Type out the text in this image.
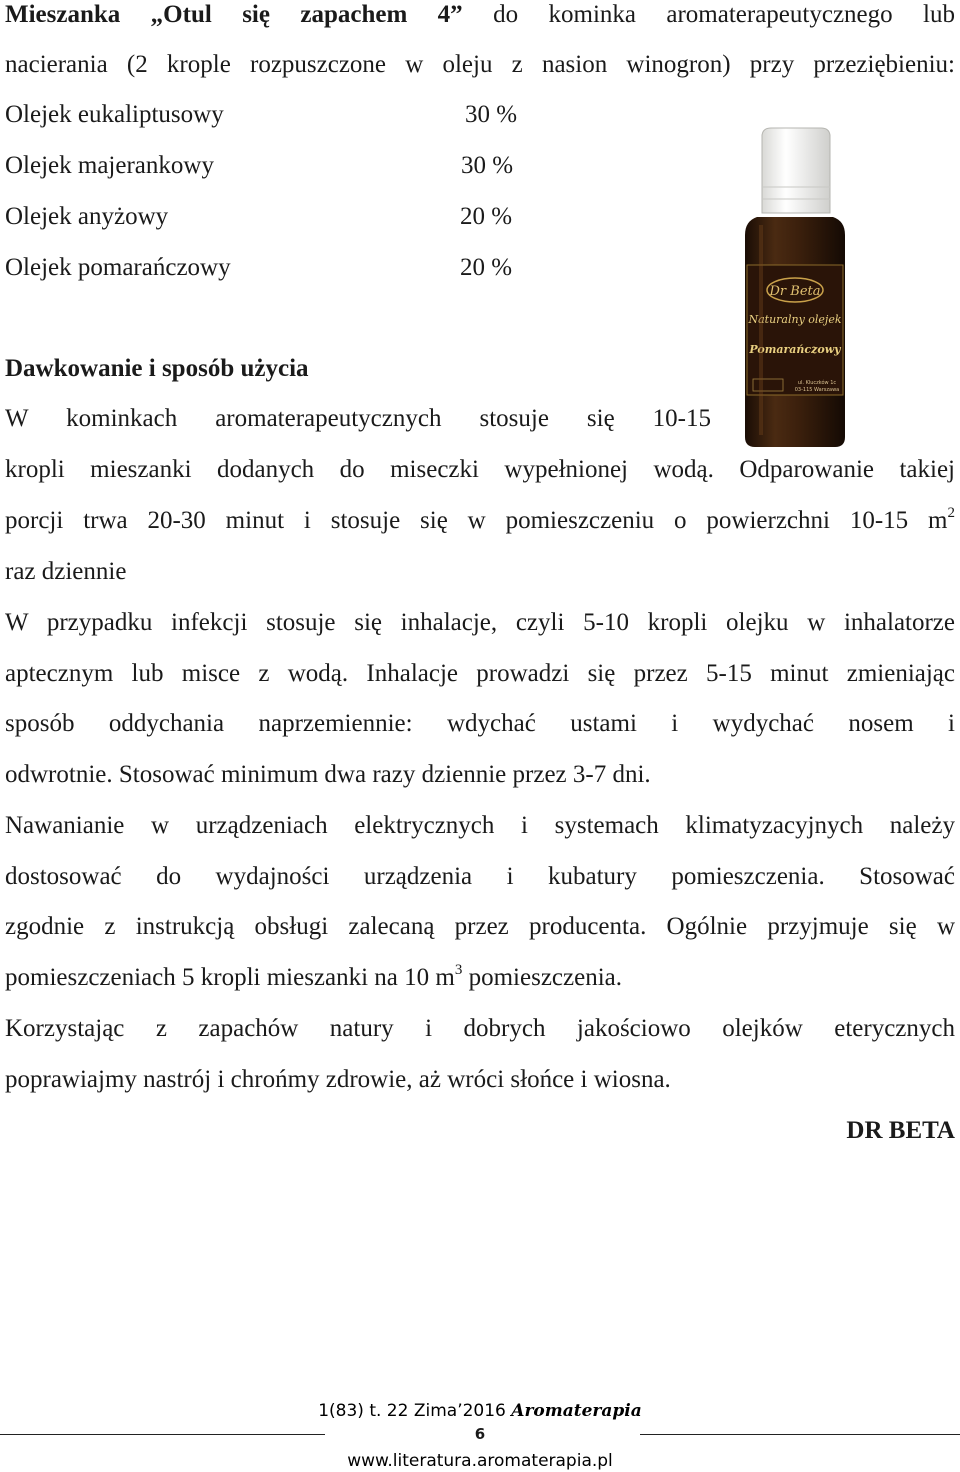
Mieszanka „Otul się zapachem 4” do kominka aromaterapeutycznego lub
nacierania (2 krople rozpuszczone w oleju z nasion winogron) przy przeziębieniu:
Olejek eukaliptusowy	30 %
Olejek majerankowy	30 %
Olejek anyżowy	20 %
Olejek pomarańczowy	20 %
Dawkowanie i sposób użycia
W kominkach aromaterapeutycznych stosuje się 10-15
kropli mieszanki dodanych do miseczki wypełnionej wodą. Odparowanie takiej
porcji trwa 20-30 minut i stosuje się w pomieszczeniu o powierzchni 10-15 $m^2$
raz dziennie
W przypadku infekcji stosuje się inhalacje, czyli 5-10 kropli olejku w inhalatorze
aptecznym lub misce z wodą. Inhalacje prowadzi się przez 5-15 minut zmieniając
sposób oddychania naprzemiennie: wdychać ustami i wydychać nosem i
odwrotnie. Stosować minimum dwa razy dziennie przez 3-7 dni.
Nawanianie w urządzeniach elektrycznych i systemach klimatyzacyjnych należy
dostosować do wydajności urządzenia i kubatury pomieszczenia. Stosować
zgodnie z instrukcją obsługi zalecaną przez producenta. Ogólnie przyjmuje się w
pomieszczeniach 5 kropli mieszanki na 10 $m^3$ pomieszczenia.
Korzystając z zapachów natury i dobrych jakościowo olejków eterycznych
poprawiajmy nastrój i chrońmy zdrowie, aż wróci słońce i wiosna.
DR BETA
Dr Beta
Naturalny olejek
Pomarańczowy
ul. Kluczków 1c
03-115 Warszawa
1(83) t. 22 Zima’2016 Aromaterapia
6
www.literatura.aromaterapia.pl
